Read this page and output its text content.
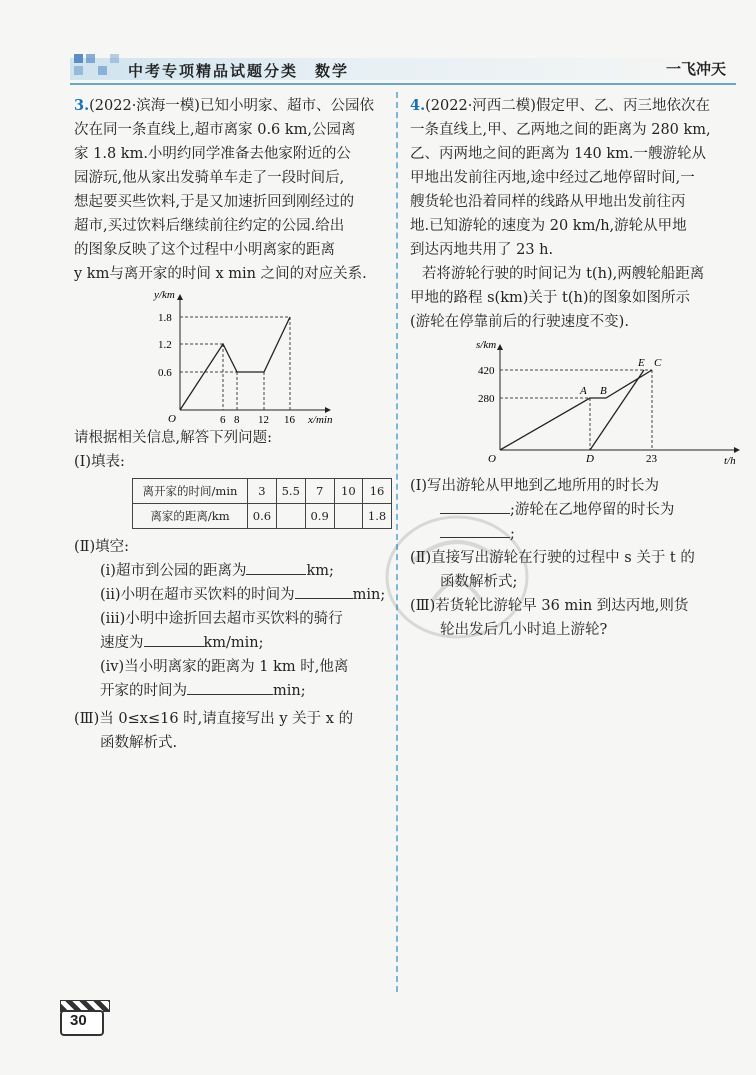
中考专项精品试题分类　数学	一飞冲天

3.(2022·滨海一模)已知小明家、超市、公园依

次在同一条直线上,超市离家 0.6 km,公园离

家 1.8 km.小明约同学准备去他家附近的公

园游玩,他从家出发骑单车走了一段时间后,

想起要买些饮料,于是又加速折回到刚经过的

超市,买过饮料后继续前往约定的公园.给出

的图象反映了这个过程中小明离家的距离

y km与离开家的时间 x min 之间的对应关系.

y/km
x/min
O
1.8
1.2
0.6
6 8 12 16

请根据相关信息,解答下列问题:

(Ⅰ)填表:

离开家的时间/min	3	5.5	7	10	16
离家的距离/km	0.6		0.9		1.8

(Ⅱ)填空:

(ⅰ)超市到公园的距离为	km;

(ⅱ)小明在超市买饮料的时间为	min;

(ⅲ)小明中途折回去超市买饮料的骑行

速度为	km/min;

(ⅳ)当小明离家的距离为 1 km 时,他离

开家的时间为	min;

(Ⅲ)当 0≤x≤16 时,请直接写出 y 关于 x 的

函数解析式.

4.(2022·河西二模)假定甲、乙、丙三地依次在

一条直线上,甲、乙两地之间的距离为 280 km,

乙、丙两地之间的距离为 140 km.一艘游轮从

甲地出发前往丙地,途中经过乙地停留时间,一

艘货轮也沿着同样的线路从甲地出发前往丙

地.已知游轮的速度为 20 km/h,游轮从甲地

到达丙地共用了 23 h.

若将游轮行驶的时间记为 t(h),两艘轮船距离

甲地的路程 s(km)关于 t(h)的图象如图所示

(游轮在停靠前后的行驶速度不变).

s/km
t/h
O
420
280
A B
E C
D	23

(Ⅰ)写出游轮从甲地到乙地所用的时长为

;游轮在乙地停留的时长为

;

(Ⅱ)直接写出游轮在行驶的过程中 s 关于 t 的

函数解析式;

(Ⅲ)若货轮比游轮早 36 min 到达丙地,则货

轮出发后几小时追上游轮?

30
